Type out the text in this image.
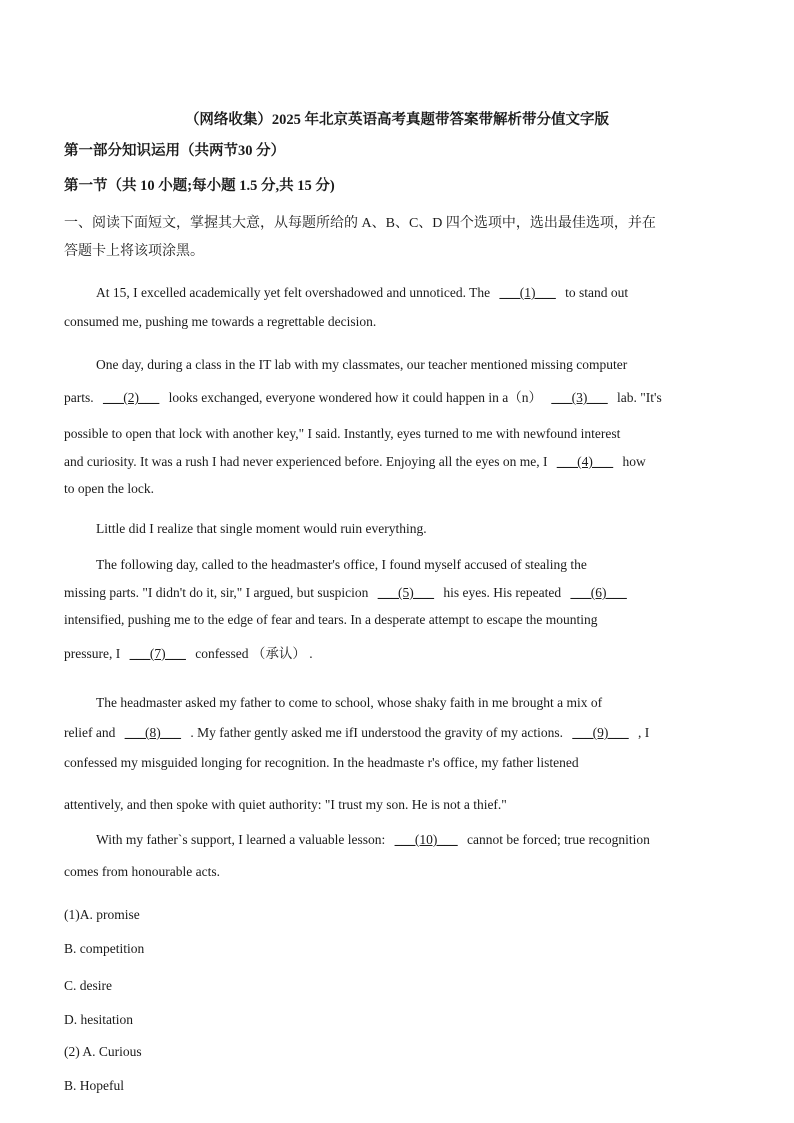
（网络收集）2025 年北京英语高考真题带答案带解析带分值文字版
第一部分知识运用（共两节30 分）
第一节（共 10 小题;每小题 1.5 分,共 15 分)
一、阅读下面短文，掌握其大意，从每题所给的 A、B、C、D 四个选项中，选出最佳选项，并在
答题卡上将该项涂黑。
At 15, I excelled academically yet felt overshadowed and unnoticed. The ___(1)___ to stand out
consumed me, pushing me towards a regrettable decision.
One day, during a class in the IT lab with my classmates, our teacher mentioned missing computer
parts. ___(2)___ looks exchanged, everyone wondered how it could happen in a（n） ___(3)___ lab. "It's
possible to open that lock with another key," I said. Instantly, eyes turned to me with newfound interest
and curiosity. It was a rush I had never experienced before. Enjoying all the eyes on me, I ___(4)___ how
to open the lock.
Little did I realize that single moment would ruin everything.
The following day, called to the headmaster's office, I found myself accused of stealing the
missing parts. "I didn't do it, sir," I argued, but suspicion ___(5)___ his eyes. His repeated ___(6)___
intensified, pushing me to the edge of fear and tears. In a desperate attempt to escape the mounting
pressure, I ___(7)___ confessed （承认） .
The headmaster asked my father to come to school, whose shaky faith in me brought a mix of
relief and ___(8)___ . My father gently asked me ifI understood the gravity of my actions. ___(9)___ , I
confessed my misguided longing for recognition. In the headmaste r's office, my father listened
attentively, and then spoke with quiet authority: "I trust my son. He is not a thief."
With my father`s support, I learned a valuable lesson: ___(10)___ cannot be forced; true recognition
comes from honourable acts.
(1)A. promise
B. competition
C. desire
D. hesitation
(2) A. Curious
B. Hopeful
